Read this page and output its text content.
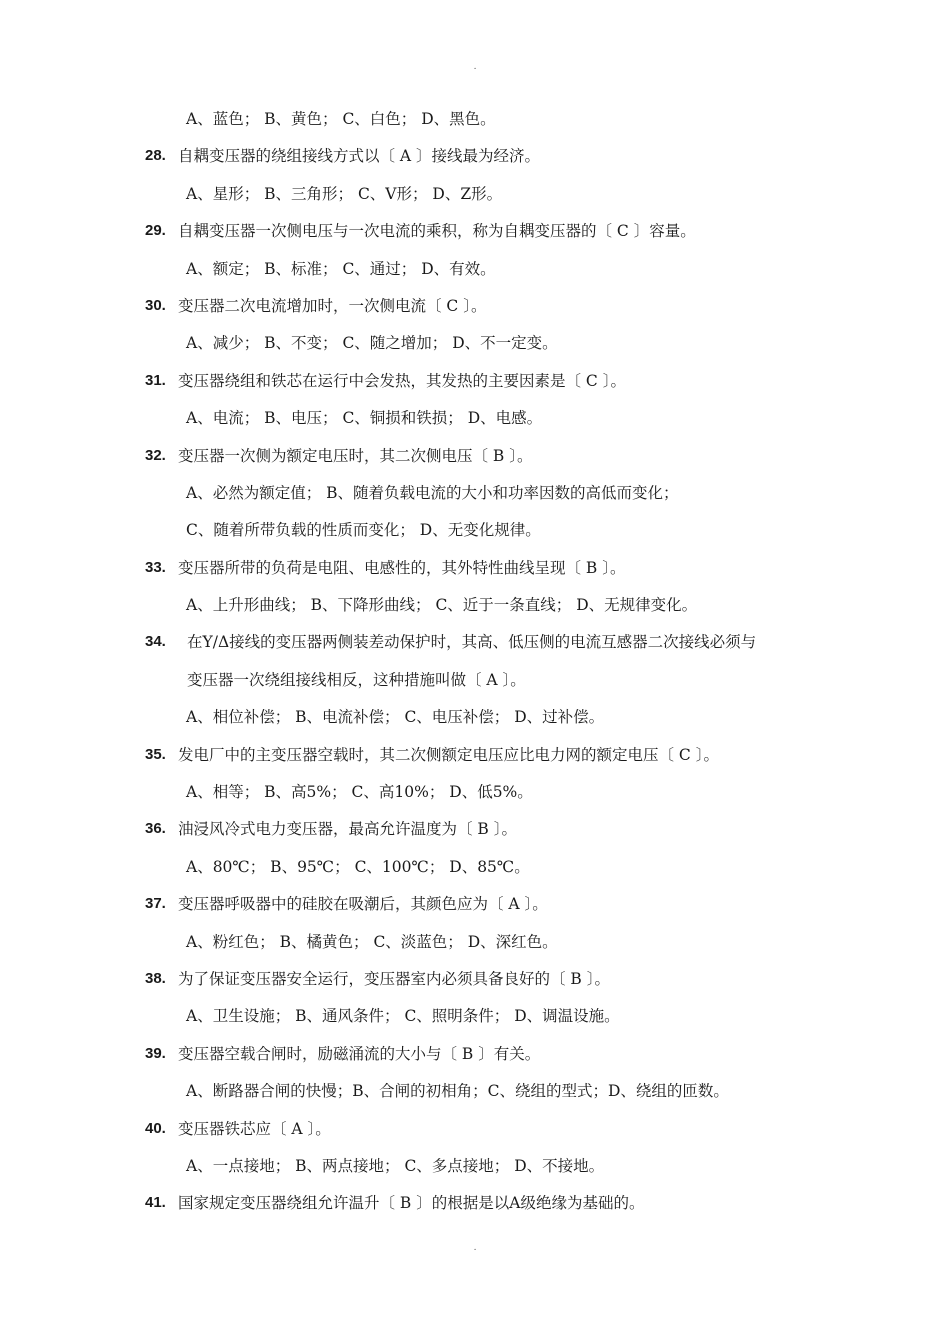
.
A、蓝色； B、黄色； C、白色； D、黑色。
28. 自耦变压器的绕组接线方式以〔 A 〕接线最为经济。
A、星形； B、三角形； C、V形； D、Z形。
29. 自耦变压器一次侧电压与一次电流的乘积，称为自耦变压器的〔 C 〕容量。
A、额定； B、标准； C、通过； D、有效。
30. 变压器二次电流增加时，一次侧电流〔 C 〕。
A、减少； B、不变； C、随之增加； D、不一定变。
31. 变压器绕组和铁芯在运行中会发热，其发热的主要因素是〔 C 〕。
A、电流； B、电压； C、铜损和铁损； D、电感。
32. 变压器一次侧为额定电压时，其二次侧电压〔 B 〕。
A、必然为额定值； B、随着负载电流的大小和功率因数的高低而变化；
C、随着所带负载的性质而变化； D、无变化规律。
33. 变压器所带的负荷是电阻、电感性的，其外特性曲线呈现〔 B 〕。
A、上升形曲线； B、下降形曲线； C、近于一条直线； D、无规律变化。
34. 在Y/Δ接线的变压器两侧装差动保护时，其高、低压侧的电流互感器二次接线必须与
变压器一次绕组接线相反，这种措施叫做〔 A 〕。
A、相位补偿； B、电流补偿； C、电压补偿； D、过补偿。
35. 发电厂中的主变压器空载时，其二次侧额定电压应比电力网的额定电压〔 C 〕。
A、相等； B、高5%； C、高10%； D、低5%。
36. 油浸风冷式电力变压器，最高允许温度为〔 B 〕。
A、80℃； B、95℃； C、100℃； D、85℃。
37. 变压器呼吸器中的硅胶在吸潮后，其颜色应为〔 A 〕。
A、粉红色； B、橘黄色； C、淡蓝色； D、深红色。
38. 为了保证变压器安全运行，变压器室内必须具备良好的〔 B 〕。
A、卫生设施； B、通风条件； C、照明条件； D、调温设施。
39. 变压器空载合闸时，励磁涌流的大小与〔 B 〕有关。
A、断路器合闸的快慢；B、合闸的初相角；C、绕组的型式；D、绕组的匝数。
40. 变压器铁芯应〔 A 〕。
A、一点接地； B、两点接地； C、多点接地； D、不接地。
41. 国家规定变压器绕组允许温升〔 B 〕的根据是以A级绝缘为基础的。
.
